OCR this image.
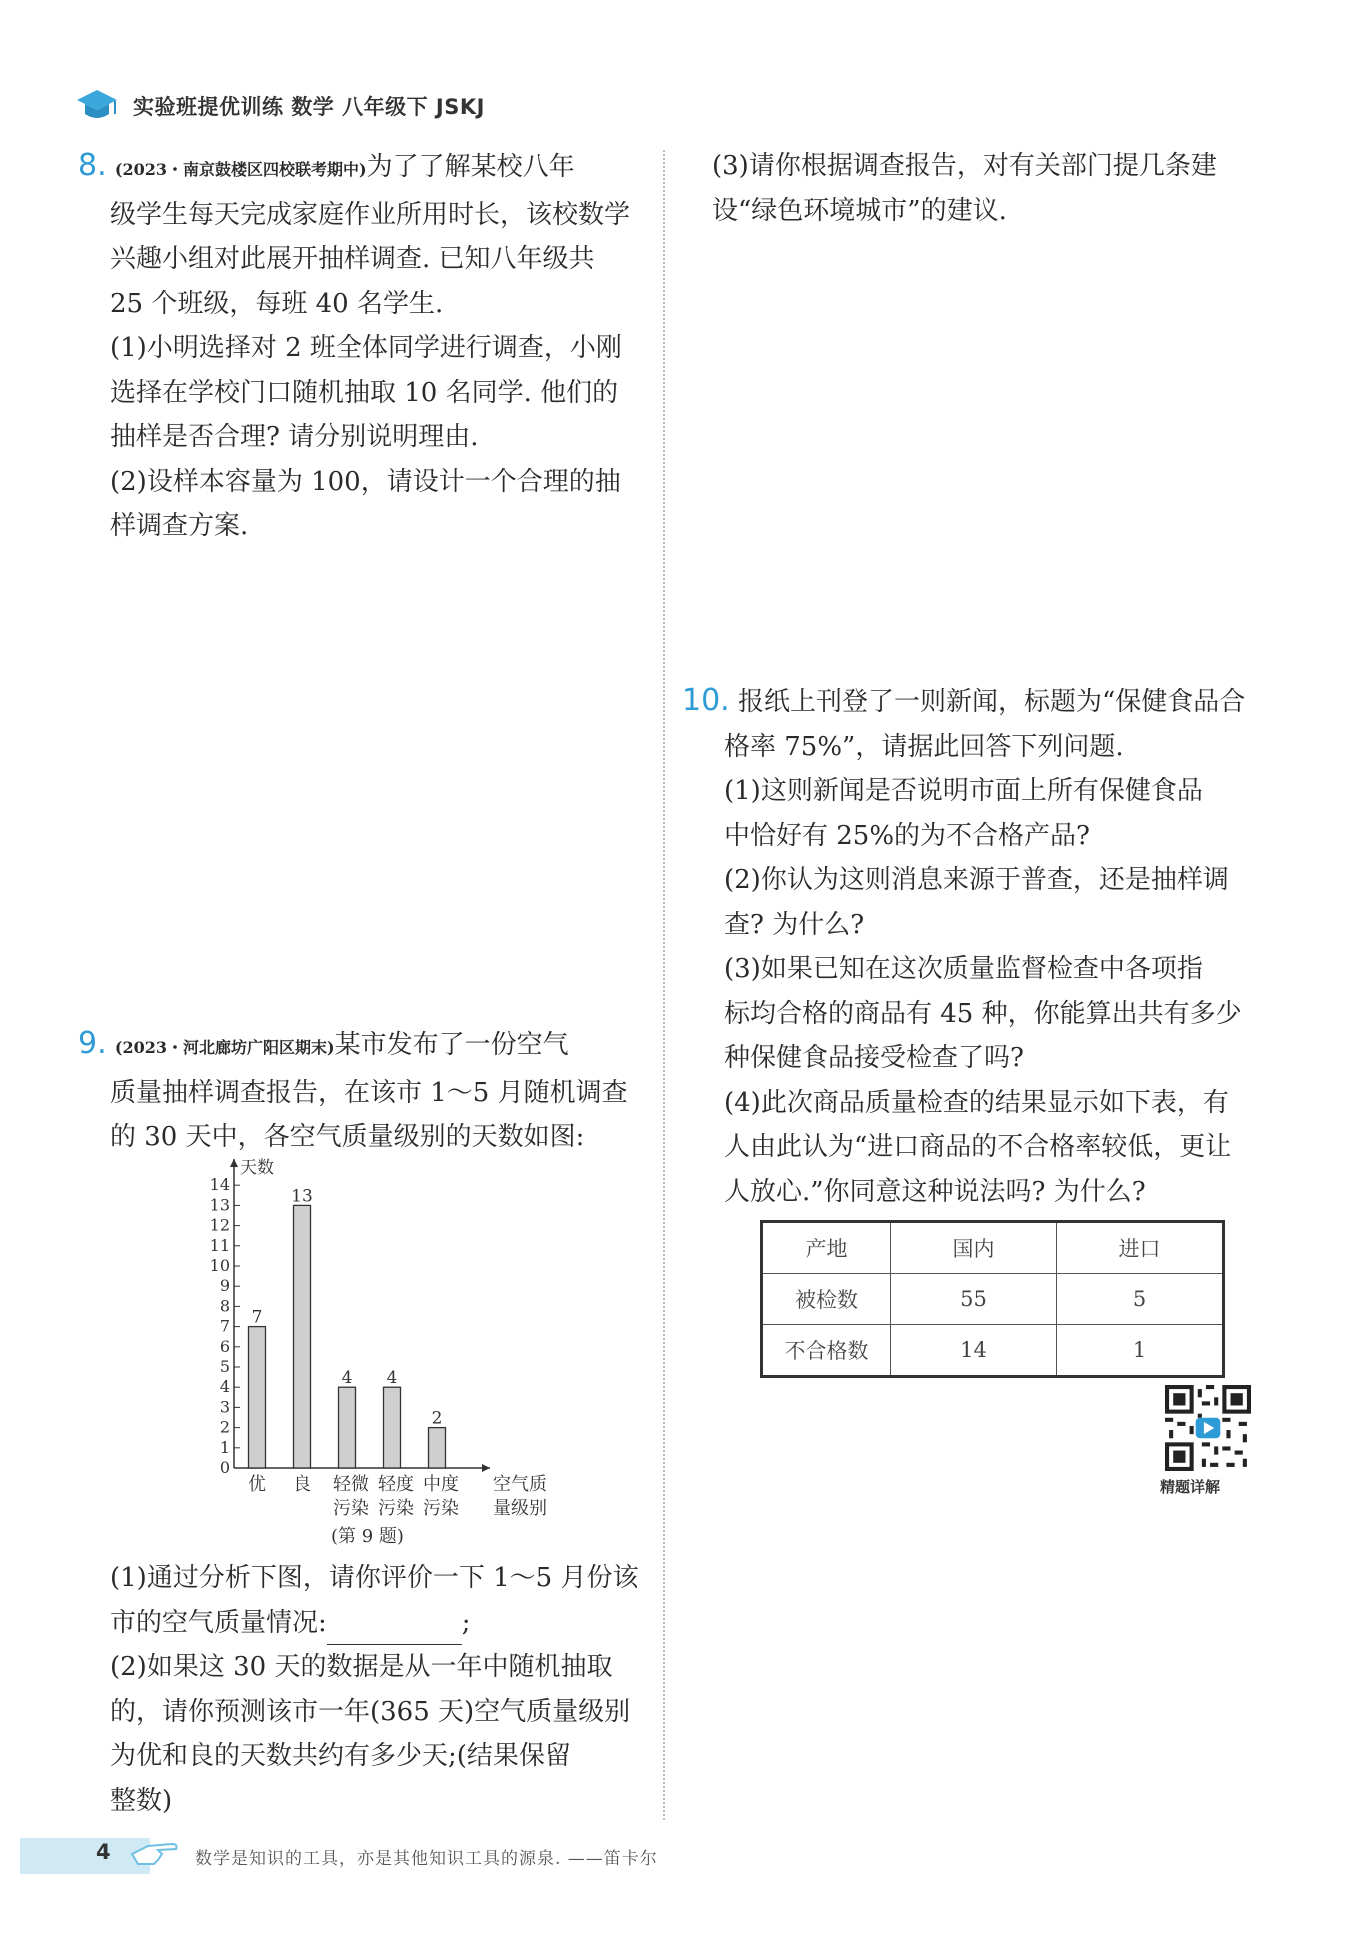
实验班提优训练 数学 八年级下 JSKJ
8. (2023・南京鼓楼区四校联考期中)为了了解某校八年
级学生每天完成家庭作业所用时长，该校数学
兴趣小组对此展开抽样调查. 已知八年级共
25 个班级，每班 40 名学生.
(1)小明选择对 2 班全体同学进行调查，小刚
选择在学校门口随机抽取 10 名同学. 他们的
抽样是否合理? 请分别说明理由.
(2)设样本容量为 100，请设计一个合理的抽
样调查方案.
9. (2023・河北廊坊广阳区期末)某市发布了一份空气
质量抽样调查报告，在该市 1～5 月随机调查
的 30 天中，各空气质量级别的天数如图:
天数
0
1
2
3
4
5
6
7
8
9
10
11
12
13
14
7
优
13
良
4
轻微
污染
4
轻度
污染
2
中度
污染
空气质
量级别
(第 9 题)
(1)通过分析下图，请你评价一下 1～5 月份该
市的空气质量情况:	;
(2)如果这 30 天的数据是从一年中随机抽取
的，请你预测该市一年(365 天)空气质量级别
为优和良的天数共约有多少天;(结果保留
整数)
(3)请你根据调查报告，对有关部门提几条建
设“绿色环境城市”的建议.
10. 报纸上刊登了一则新闻，标题为“保健食品合
格率 75%”，请据此回答下列问题.
(1)这则新闻是否说明市面上所有保健食品
中恰好有 25%的为不合格产品?
(2)你认为这则消息来源于普查，还是抽样调
查? 为什么?
(3)如果已知在这次质量监督检查中各项指
标均合格的商品有 45 种，你能算出共有多少
种保健食品接受检查了吗?
(4)此次商品质量检查的结果显示如下表，有
人由此认为“进口商品的不合格率较低，更让
人放心.”你同意这种说法吗? 为什么?
产地	国内	进口
被检数	55	5
不合格数	14	1
精题详解
4	数学是知识的工具，亦是其他知识工具的源泉. ——笛卡尔
